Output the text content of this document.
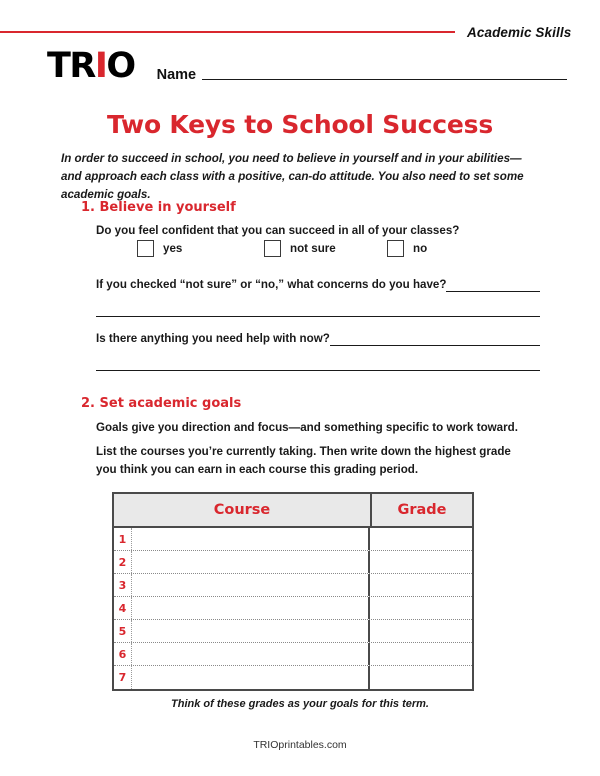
Academic Skills
TR I O Name
Two Keys to School Success
In order to succeed in school, you need to believe in yourself and in your abilities—and approach each class with a positive, can-do attitude. You also need to set some academic goals.
1. Believe in yourself
Do you feel confident that you can succeed in all of your classes?
yes	not sure	no
If you checked “not sure” or “no,” what concerns do you have?
Is there anything you need help with now?
2. Set academic goals
Goals give you direction and focus—and something specific to work toward.
List the courses you’re currently taking. Then write down the highest grade you think you can earn in each course this grading period.
Course	Grade
1
2
3
4
5
6
7
Think of these grades as your goals for this term.
TRIOprintables.com
